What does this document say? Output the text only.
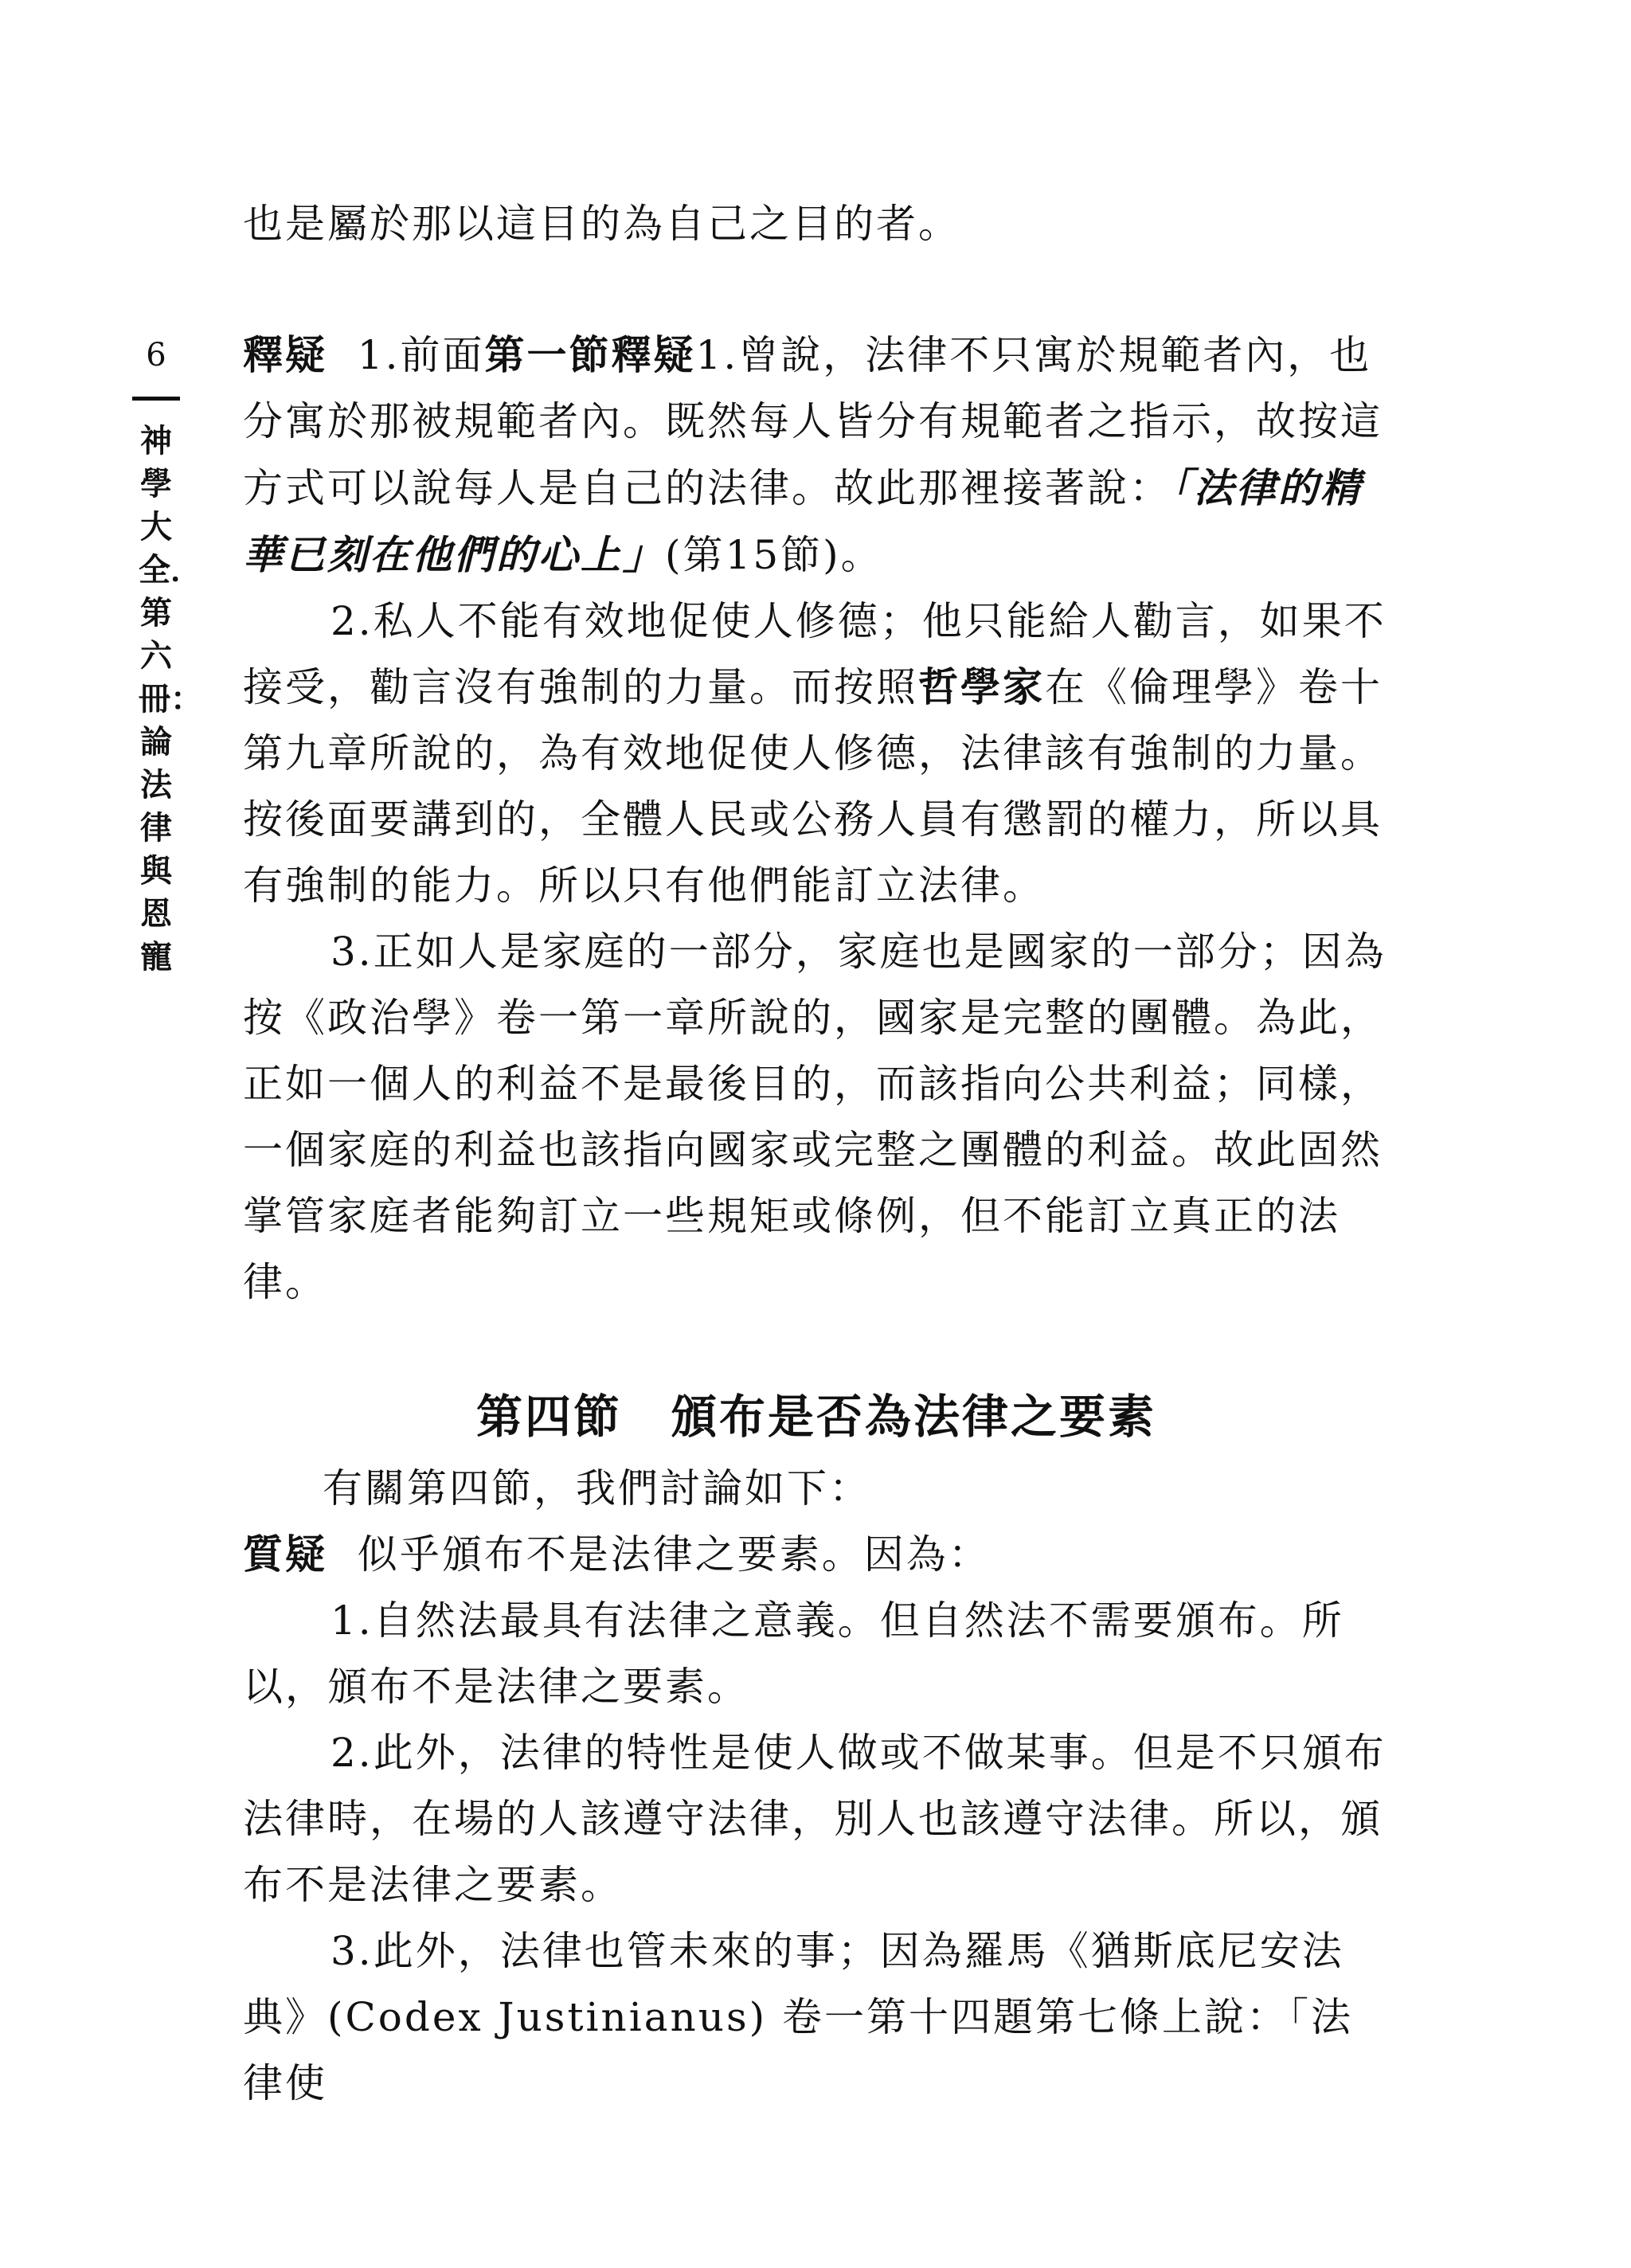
6
神學大全．第六冊：論法律與恩寵

也是屬於那以這目的為自己之目的者。

釋疑 1.前面第一節釋疑1.曾說，法律不只寓於規範者內，也分寓於那被規範者內。既然每人皆分有規範者之指示，故按這方式可以說每人是自己的法律。故此那裡接著說：「法律的精華已刻在他們的心上」(第15節)。

2.私人不能有效地促使人修德；他只能給人勸言，如果不接受，勸言沒有強制的力量。而按照哲學家在《倫理學》卷十第九章所說的，為有效地促使人修德，法律該有強制的力量。按後面要講到的，全體人民或公務人員有懲罰的權力，所以具有強制的能力。所以只有他們能訂立法律。

3.正如人是家庭的一部分，家庭也是國家的一部分；因為按《政治學》卷一第一章所說的，國家是完整的團體。為此，正如一個人的利益不是最後目的，而該指向公共利益；同樣，一個家庭的利益也該指向國家或完整之團體的利益。故此固然掌管家庭者能夠訂立一些規矩或條例，但不能訂立真正的法律。

第四節　頒布是否為法律之要素

有關第四節，我們討論如下：

質疑 似乎頒布不是法律之要素。因為：

1.自然法最具有法律之意義。但自然法不需要頒布。所以，頒布不是法律之要素。

2.此外，法律的特性是使人做或不做某事。但是不只頒布法律時，在場的人該遵守法律，別人也該遵守法律。所以，頒布不是法律之要素。

3.此外，法律也管未來的事；因為羅馬《猶斯底尼安法典》(Codex Justinianus) 卷一第十四題第七條上說：「法律使
